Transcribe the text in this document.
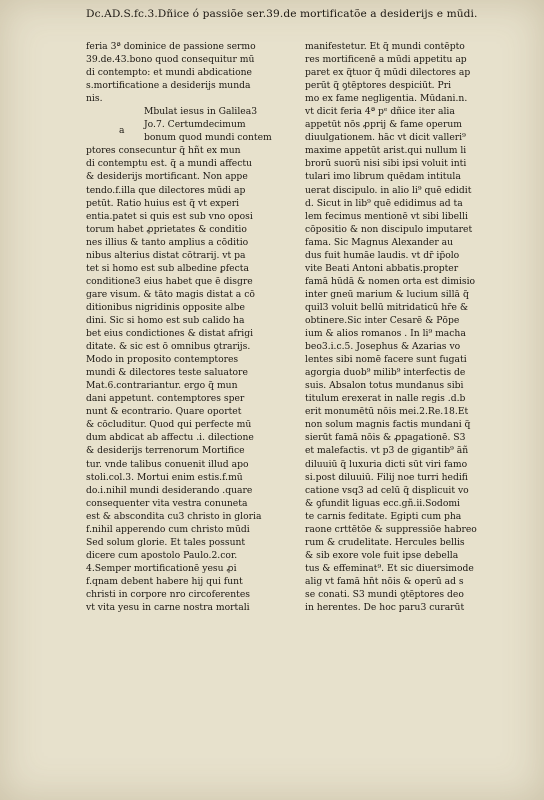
Dc.AD.S.fc.3.Dñice ó passiõe ser.39.de mortificatõe a desiderijs e mūdi.
feria 3ª dominice de passione sermo
39.de.43.bono quod consequitur mū
di contempto: et mundi abdicatione
s.mortificatione a desiderijs munda
nis.
Mbulat iesus in Galilea3
Jo.7. Certumdecimum
bonum quod mundi contem
ptores consecuntur q̃ hñt ex mun
di contemptu est. q̃ a mundi affectu
& desiderijs mortificant. Non appe
tendo.f.illa que dilectores mūdi ap
petūt. Ratio huius est q̃ vt experi
entia.patet si quis est sub vno oposi
torum habet ꝓprietates & conditio
nes illius & tanto amplius a cōditio
nibus alterius distat cōtrarij. vt pa
tet si homo est sub albedine ꝑfecta
conditione3 eius habet que ē disgre
gare visum. & tāto magis distat a cō
ditionibus nigridinis opposite albe
dini. Sic si homo est sub calido ha
bet eius condictiones & distat afrigi
ditate. & sic est ō omnibus ꝯtrarijs.
Modo in proposito contemptores
mundi & dilectores teste saluatore
Mat.6.contrariantur. ergo q̃ mun
dani appetunt. contemptores sper
nunt & econtrario. Quare oportet
& cōcluditur. Quod qui perfecte mū
dum abdicat ab affectu .i. dilectione
& desiderijs terrenorum Mortifice
tur. vnde talibus conuenit illud apo
stoli.col.3. Mortui enim estis.f.mū
do.i.nihil mundi desiderando .quare
consequenter vita vestra conuneta
est & abscondita cu3 christo in gloria
f.nihil apperendo cum christo mūdi
Sed solum glorie. Et tales possunt
dicere cum apostolo Paulo.2.cor.
4.Semper mortificationē yesu ꝓi
f.qnam debent habere hij qui funt
christi in corpore nro circoferentes
vt vita yesu in carne nostra mortali
a
manifestetur. Et q̃ mundi contēpto
res mortificenē a mūdi appetitu ap
paret ex q̃tuor q̃ mūdi dilectores ap
perūt q̃ ꝯtēptores despiciūt. Pri
mo ex fame negligentia. Mūdani.n.
vt dicit feria 4ª pᵉ dñice iter alia
appetūt nōs ꝓprij & fame operum
diuulgationem. hāc vt dicit valleri⁹
maxime appetūt arist.qui nullum li
brorū suorū nisi sibi ipsi voluit inti
tulari imo librum quēdam intitula
uerat discipulo. in alio li⁹ quē edidit
d. Sicut in lib⁹ quē edidimus ad ta
lem fecimus mentionē vt sibi libelli
cōpositio & non discipulo imputaret
fama. Sic Magnus Alexander au
dus fuit humāe laudis. vt dr̄ ip̄olo
vite Beati Antoni abbatis.propter
famā hūdā & nomen orta est dimisio
inter gneū marium & lucium sillā q̃
quil3 voluit bellū mitridaticū hr̄e &
obtinere.Sic inter Cesarē & Pōpe
ium & alios romanos . In li⁹ macha
beo3.i.c.5. Josephus & Azarias vo
lentes sibi nomē facere sunt fugati
agorgia duob⁹ milib⁹ interfectis de
suis. Absalon totus mundanus sibi
titulum erexerat in nalle regis .d.b
erit monumētū nōis mei.2.Re.18.Et
non solum magnis factis mundani q̃
sierūt famā nōis & ꝓpagationē. S3
et malefactis. vt p3 de gigantib⁹ āñ
diluuiū q̃ luxuria dicti sūt viri famo
si.post diluuiū. Filij noe turri hedifi
catione vsq3 ad celū q̃ displicuit vo
& ꝯfundit liguas ecc.gñ.ii.Sodomi
te carnis feditate. Egipti cum pha
raone crttētōe & suppressiōe habreo
rum & crudelitate. Hercules bellis
& sib exore vole fuit ipse debella
tus & effeminat⁹. Et sic diuersimode
alig vt famā hn̄t nōis & operū ad s
se conati. S3 mundi ꝯtēptores deo
in herentes. De hoc paru3 curarūt
